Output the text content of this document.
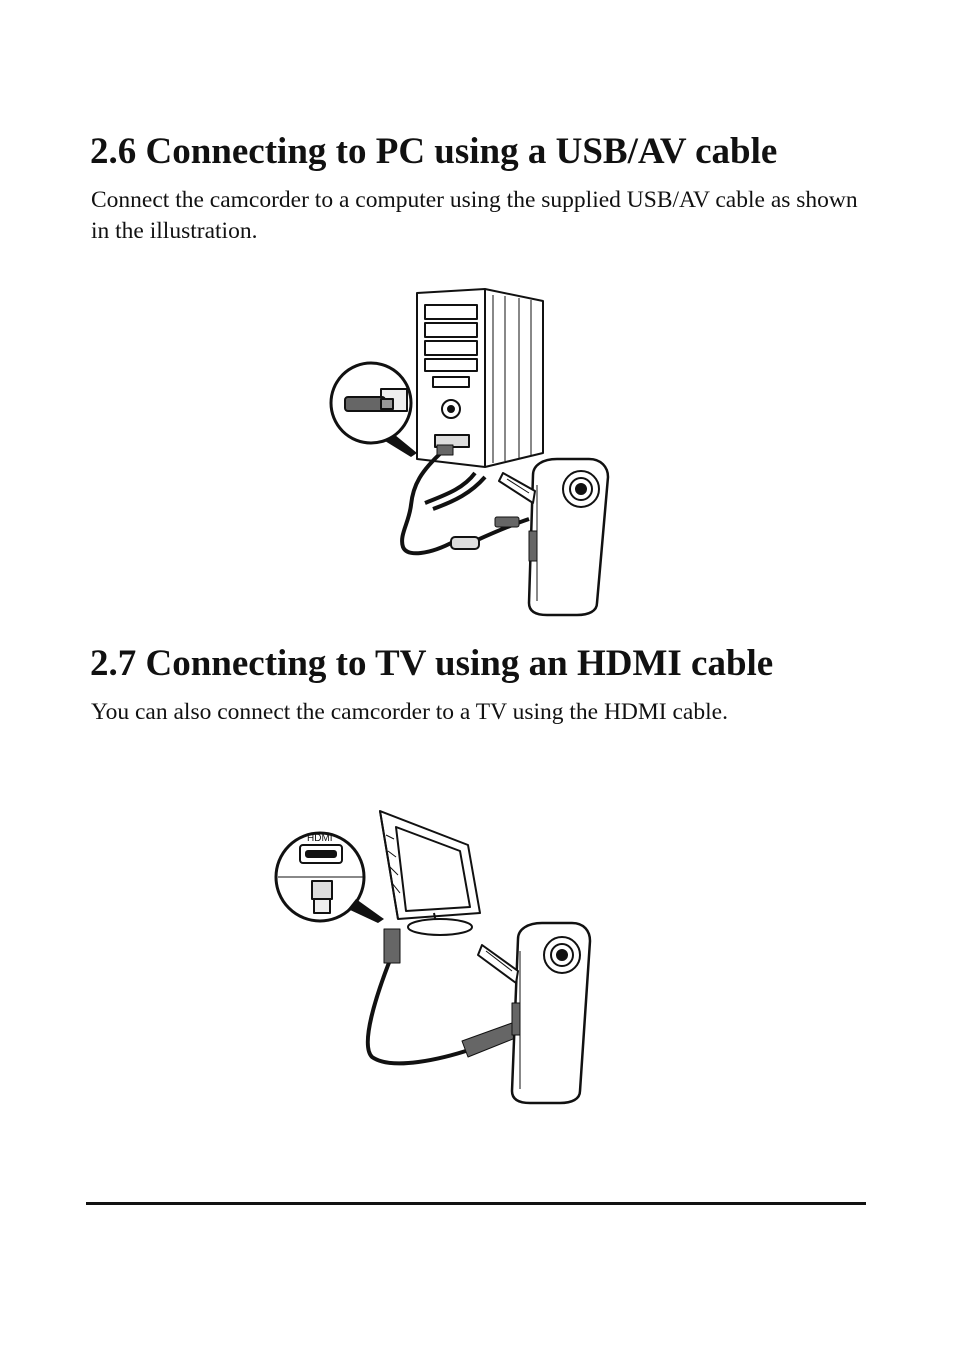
2.6 Connecting to PC using a USB/AV cable

Connect the camcorder to a computer using the supplied USB/AV cable as shown in the illustration.

2.7 Connecting to TV using an HDMI cable

You can also connect the camcorder to a TV using the HDMI cable.

HDMI
